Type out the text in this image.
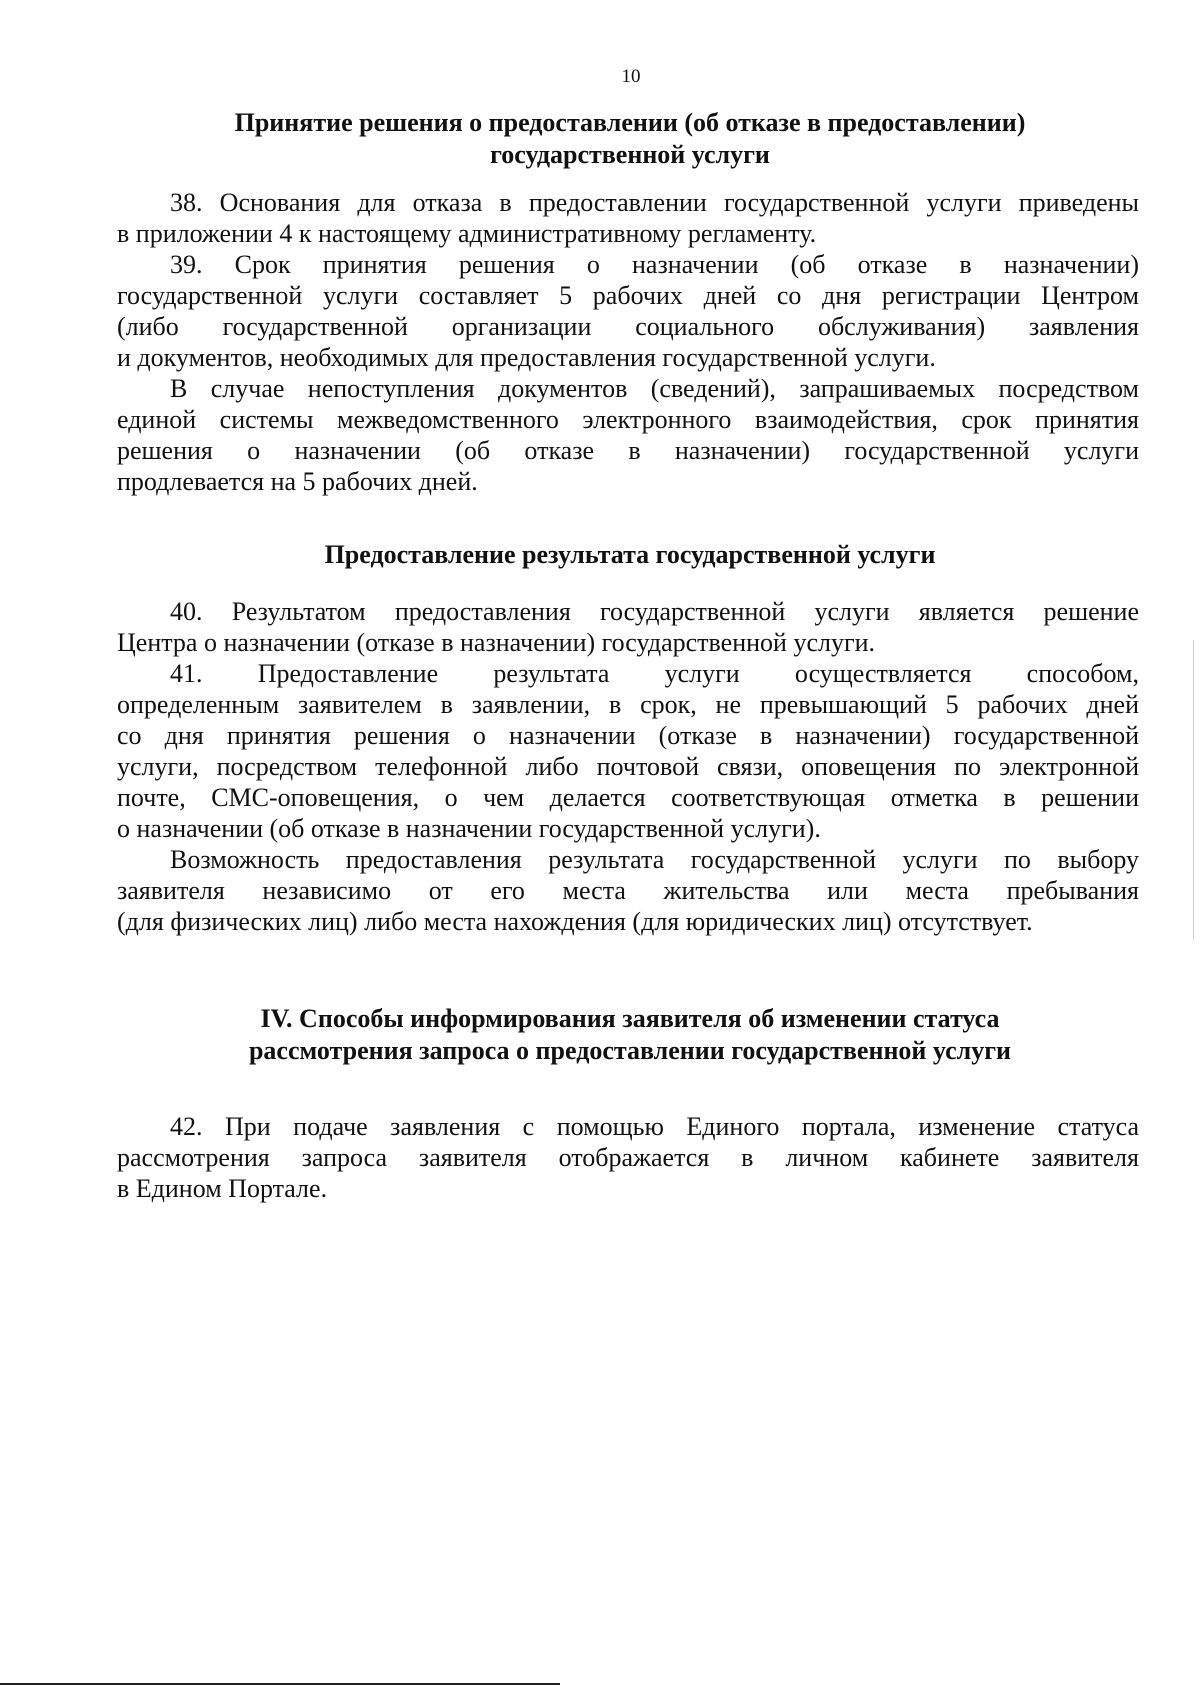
10
Принятие решения о предоставлении (об отказе в предоставлении)
государственной услуги

38. Основания для отказа в предоставлении государственной услуги приведены
в приложении 4 к настоящему административному регламенту.

39. Срок принятия решения о назначении (об отказе в назначении)
государственной услуги составляет 5 рабочих дней со дня регистрации Центром
(либо государственной организации социального обслуживания) заявления
и документов, необходимых для предоставления государственной услуги.

В случае непоступления документов (сведений), запрашиваемых посредством
единой системы межведомственного электронного взаимодействия, срок принятия
решения о назначении (об отказе в назначении) государственной услуги
продлевается на 5 рабочих дней.

Предоставление результата государственной услуги

40. Результатом предоставления государственной услуги является решение
Центра о назначении (отказе в назначении) государственной услуги.

41. Предоставление результата услуги осуществляется способом,
определенным заявителем в заявлении, в срок, не превышающий 5 рабочих дней
со дня принятия решения о назначении (отказе в назначении) государственной
услуги, посредством телефонной либо почтовой связи, оповещения по электронной
почте, СМС-оповещения, о чем делается соответствующая отметка в решении
о назначении (об отказе в назначении государственной услуги).

Возможность предоставления результата государственной услуги по выбору
заявителя независимо от его места жительства или места пребывания
(для физических лиц) либо места нахождения (для юридических лиц) отсутствует.

IV. Способы информирования заявителя об изменении статуса
рассмотрения запроса о предоставлении государственной услуги

42. При подаче заявления с помощью Единого портала, изменение статуса
рассмотрения запроса заявителя отображается в личном кабинете заявителя
в Едином Портале.
